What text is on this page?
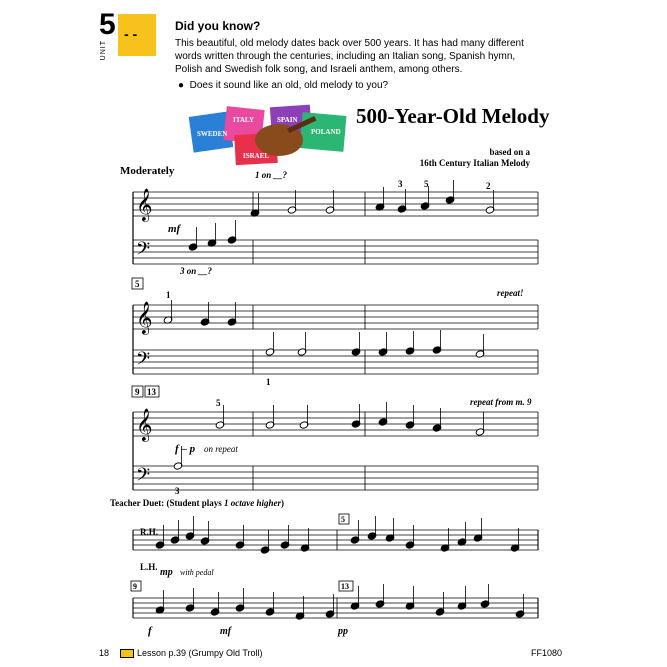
5
UNIT
- -	Did you know?
This beautiful, old melody dates back over 500 years. It has had many different words written through the centuries, including an Italian song, Spanish hymn, Polish and Swedish folk song, and Israeli anthem, among others.
●  Does it sound like an old, old melody to you?
SWEDEN
ITALY	SPAIN
POLAND
ISRAEL
500-Year-Old Melody
based on a
16th Century Italian Melody
Moderately
𝄞
𝄢
𝄞
𝄢
𝄞
𝄢
1 on __?
3 on __?
mf
repeat!
repeat from m. 9
f – p on repeat
5
9 13
R.H.
L.H. mp with pedal
f	mf	pp
5
9	13
3 5	2
1
1
5
3
Teacher Duet: (Student plays 1 octave higher)
18	Lesson p.39 (Grumpy Old Troll)	FF1080
